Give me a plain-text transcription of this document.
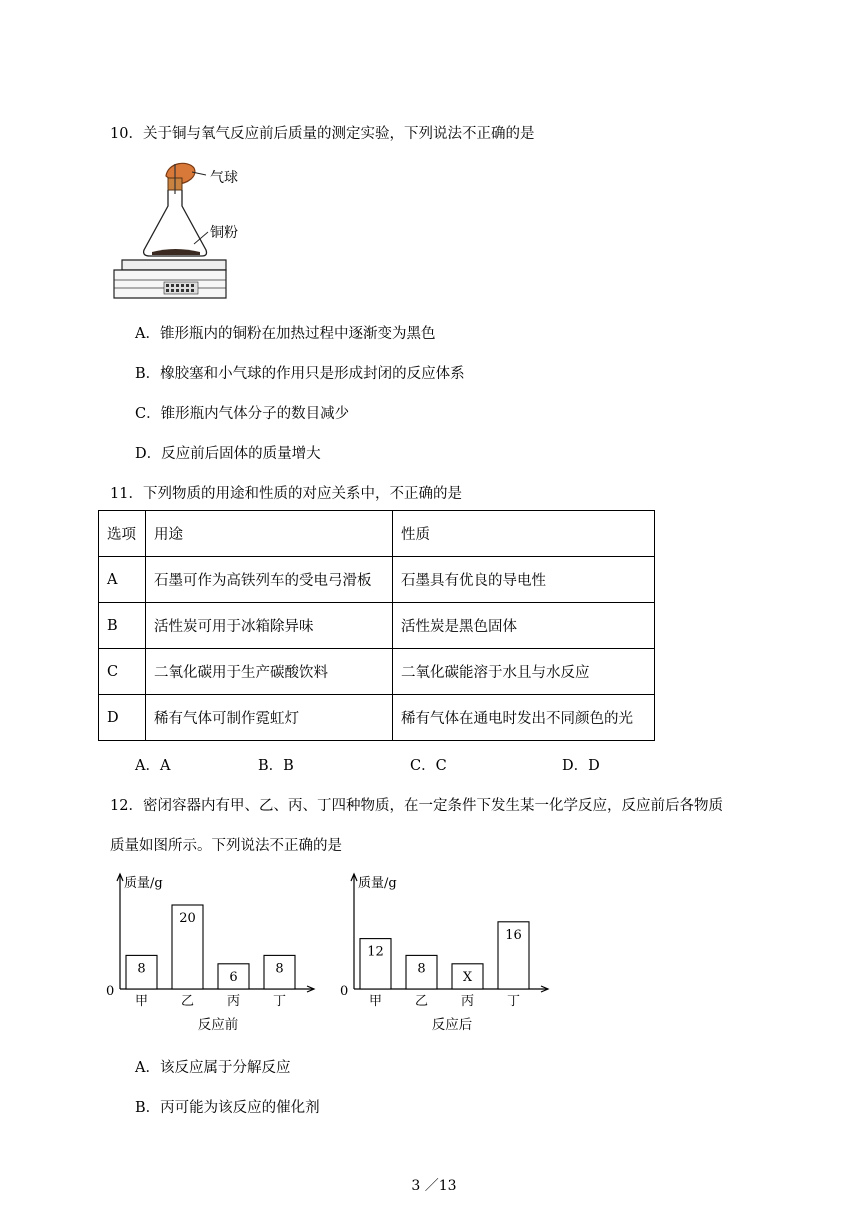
10．关于铜与氧气反应前后质量的测定实验，下列说法不正确的是
气球
铜粉
A．锥形瓶内的铜粉在加热过程中逐渐变为黑色
B．橡胶塞和小气球的作用只是形成封闭的反应体系
C．锥形瓶内气体分子的数目减少
D．反应前后固体的质量增大
11．下列物质的用途和性质的对应关系中，不正确的是
选项	用途	性质
A	石墨可作为高铁列车的受电弓滑板	石墨具有优良的导电性
B	活性炭可用于冰箱除异味	活性炭是黑色固体
C	二氧化碳用于生产碳酸饮料	二氧化碳能溶于水且与水反应
D	稀有气体可制作霓虹灯	稀有气体在通电时发出不同颜色的光
A．A	B．B	C．C	D．D
12．密闭容器内有甲、乙、丙、丁四种物质，在一定条件下发生某一化学反应，反应前后各物质
质量如图所示。下列说法不正确的是
质量/g
0
8
甲
20
乙
6
丙
8
丁
反应前
质量/g
0
12
甲
8
乙
X
丙
16
丁
反应后
A．该反应属于分解反应
B．丙可能为该反应的催化剂
3 ／13
